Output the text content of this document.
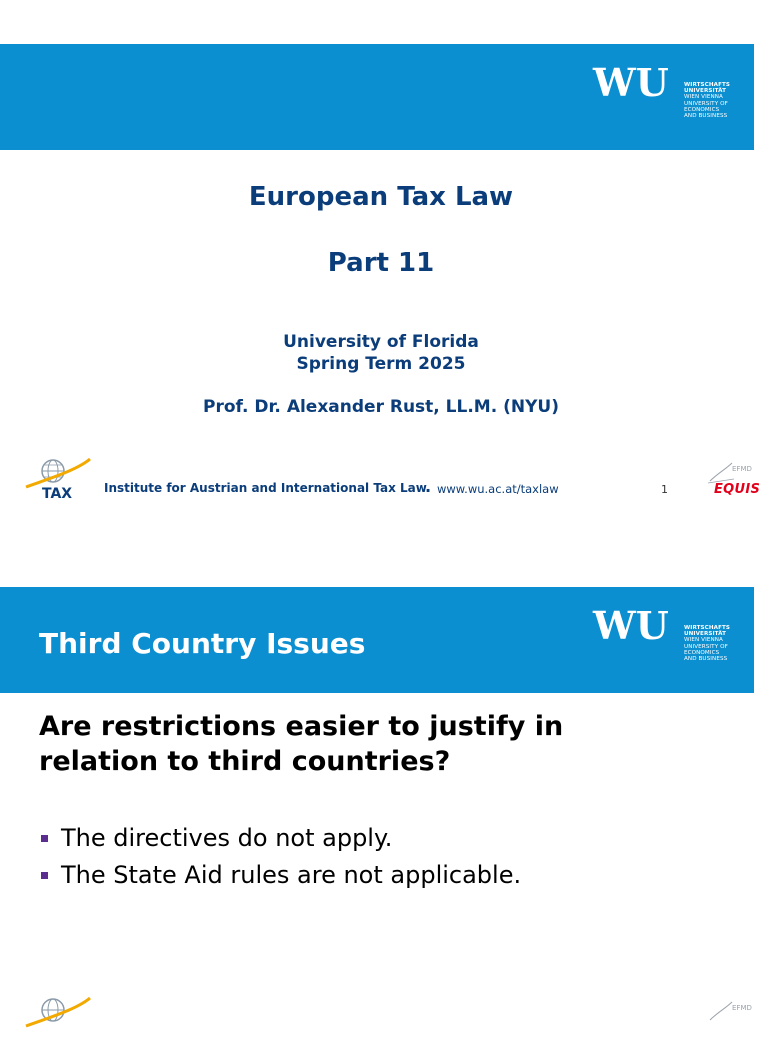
WU	WIRTSCHAFTS
UNIVERSITÄT
WIEN VIENNA
UNIVERSITY OF
ECONOMICS
AND BUSINESS
European Tax Law
Part 11
University of Florida
Spring Term 2025
Prof. Dr. Alexander Rust, LL.M. (NYU)
TAX	Institute for Austrian and International Tax Law
. www.wu.ac.at/taxlaw	1
EFMD
EQUIS
Third Country Issues	WU	WIRTSCHAFTS
UNIVERSITÄT
WIEN VIENNA
UNIVERSITY OF
ECONOMICS
AND BUSINESS
Are restrictions easier to justify in relation to third countries?
The directives do not apply.
The State Aid rules are not applicable.
EFMD
